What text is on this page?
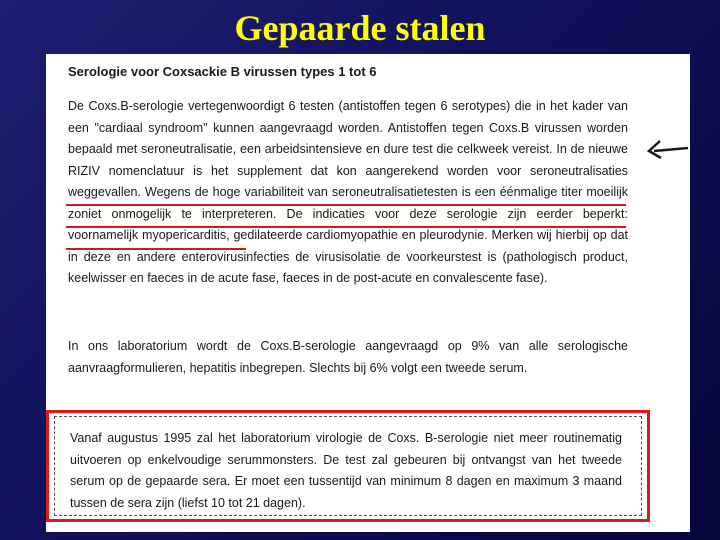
Gepaarde stalen
Serologie voor Coxsackie B virussen types 1 tot 6
De Coxs.B-serologie vertegenwoordigt 6 testen (antistoffen tegen 6 serotypes) die in het kader van een "cardiaal syndroom" kunnen aangevraagd worden. Antistoffen tegen Coxs.B virussen worden bepaald met seroneutralisatie, een arbeidsintensieve en dure test die celkweek vereist. In de nieuwe RIZIV nomenclatuur is het supplement dat kon aangerekend worden voor seroneutralisaties weggevallen. Wegens de hoge variabiliteit van seroneutralisatietesten is een éénmalige titer moeilijk zoniet onmogelijk te interpreteren. De indicaties voor deze serologie zijn eerder beperkt: voornamelijk myopericarditis, gedilateerde cardiomyopathie en pleurodynie. Merken wij hierbij op dat in deze en andere enterovirusinfecties de virusisolatie de voorkeurstest is (pathologisch product, keelwisser en faeces in de acute fase, faeces in de post-acute en convalescente fase).
In ons laboratorium wordt de Coxs.B-serologie aangevraagd op 9% van alle serologische aanvraagformulieren, hepatitis inbegrepen. Slechts bij 6% volgt een tweede serum.
Vanaf augustus 1995 zal het laboratorium virologie de Coxs. B-serologie niet meer routinematig uitvoeren op enkelvoudige serummonsters. De test zal gebeuren bij ontvangst van het tweede serum op de gepaarde sera. Er moet een tussentijd van minimum 8 dagen en maximum 3 maand tussen de sera zijn (liefst 10 tot 21 dagen).
